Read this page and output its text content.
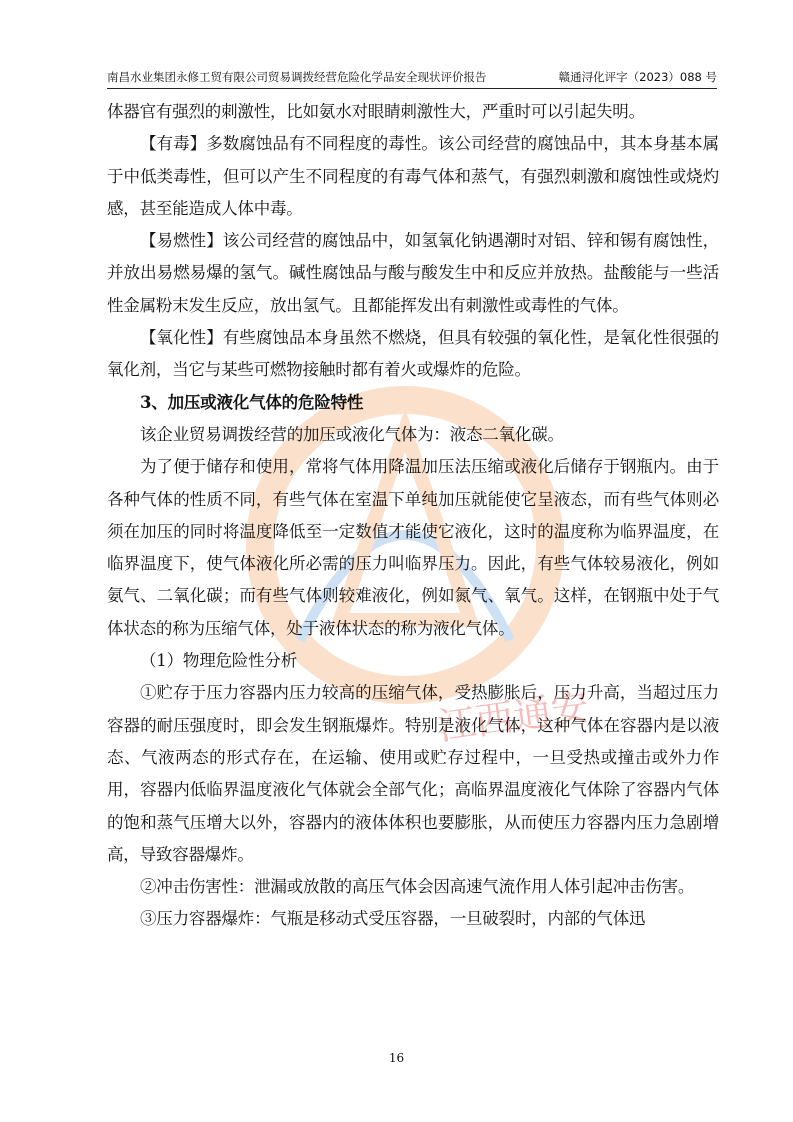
江西通安
南昌水业集团永修工贸有限公司贸易调拨经营危险化学品安全现状评价报告	赣通浔化评字（2023）088 号

体器官有强烈的刺激性，比如氨水对眼睛刺激性大，严重时可以引起失明。

【有毒】多数腐蚀品有不同程度的毒性。该公司经营的腐蚀品中，其本身基本属于中低类毒性，但可以产生不同程度的有毒气体和蒸气，有强烈刺激和腐蚀性或烧灼感，甚至能造成人体中毒。

【易燃性】该公司经营的腐蚀品中，如氢氧化钠遇潮时对铝、锌和锡有腐蚀性，并放出易燃易爆的氢气。碱性腐蚀品与酸与酸发生中和反应并放热。盐酸能与一些活性金属粉末发生反应，放出氢气。且都能挥发出有刺激性或毒性的气体。

【氧化性】有些腐蚀品本身虽然不燃烧，但具有较强的氧化性，是氧化性很强的氧化剂，当它与某些可燃物接触时都有着火或爆炸的危险。

3、加压或液化气体的危险特性

该企业贸易调拨经营的加压或液化气体为：液态二氧化碳。

为了便于储存和使用，常将气体用降温加压法压缩或液化后储存于钢瓶内。由于各种气体的性质不同，有些气体在室温下单纯加压就能使它呈液态，而有些气体则必须在加压的同时将温度降低至一定数值才能使它液化，这时的温度称为临界温度，在临界温度下，使气体液化所必需的压力叫临界压力。因此，有些气体较易液化，例如氨气、二氧化碳；而有些气体则较难液化，例如氮气、氧气。这样，在钢瓶中处于气体状态的称为压缩气体，处于液体状态的称为液化气体。

（1）物理危险性分析

①贮存于压力容器内压力较高的压缩气体，受热膨胀后，压力升高，当超过压力容器的耐压强度时，即会发生钢瓶爆炸。特别是液化气体，这种气体在容器内是以液态、气液两态的形式存在，在运输、使用或贮存过程中，一旦受热或撞击或外力作用，容器内低临界温度液化气体就会全部气化；高临界温度液化气体除了容器内气体的饱和蒸气压增大以外，容器内的液体体积也要膨胀，从而使压力容器内压力急剧增高，导致容器爆炸。

②冲击伤害性：泄漏或放散的高压气体会因高速气流作用人体引起冲击伤害。

③压力容器爆炸：气瓶是移动式受压容器，一旦破裂时，内部的气体迅

16
